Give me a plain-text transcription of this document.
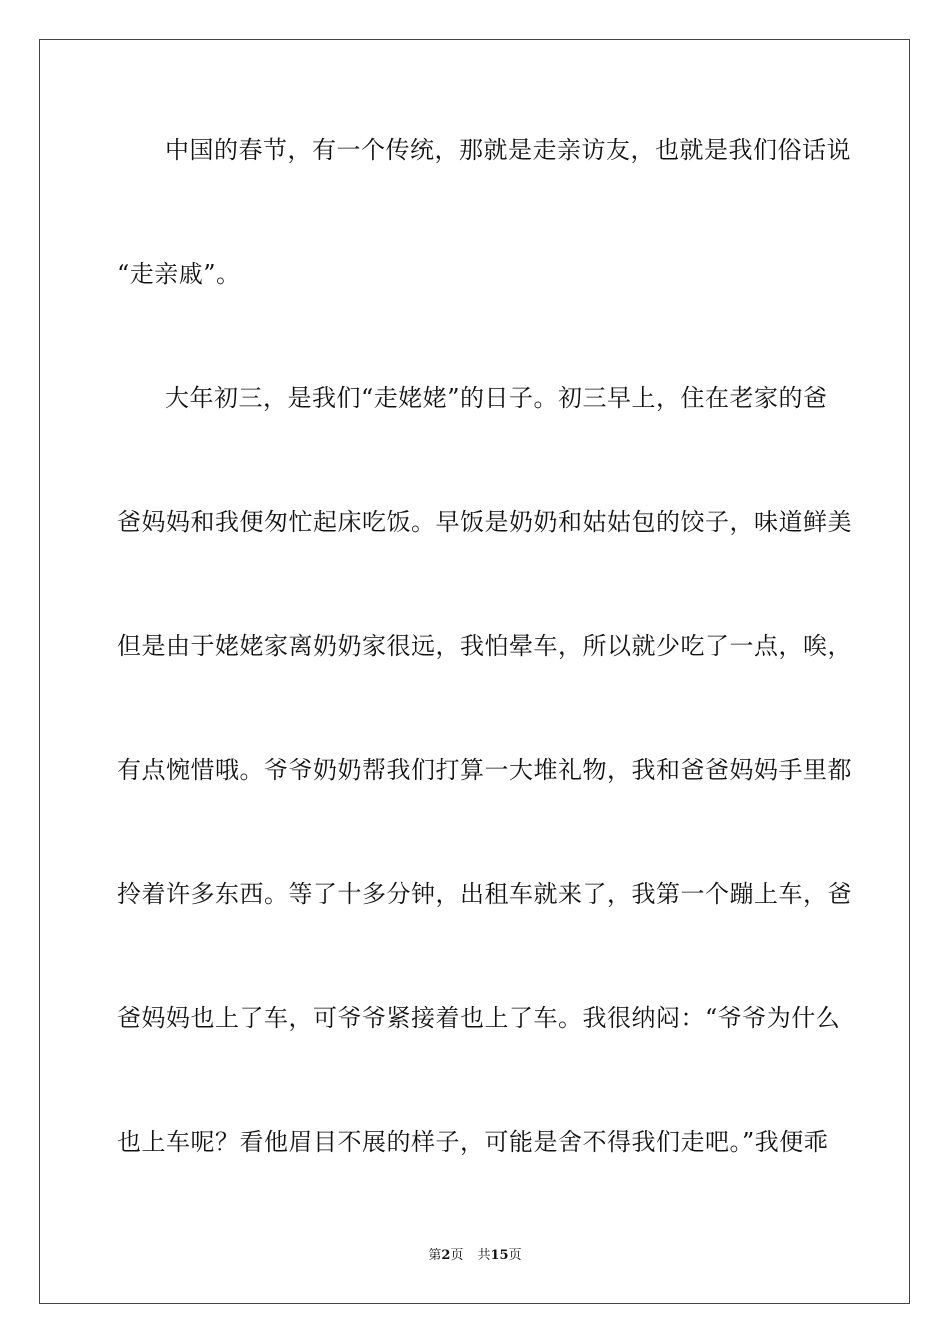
中国的春节，有一个传统，那就是走亲访友，也就是我们俗话说
“走亲戚”。
大年初三，是我们“走姥姥”的日子。初三早上，住在老家的爸
爸妈妈和我便匆忙起床吃饭。早饭是奶奶和姑姑包的饺子，味道鲜美
但是由于姥姥家离奶奶家很远，我怕晕车，所以就少吃了一点，唉，
有点惋惜哦。爷爷奶奶帮我们打算一大堆礼物，我和爸爸妈妈手里都
拎着许多东西。等了十多分钟，出租车就来了，我第一个蹦上车，爸
爸妈妈也上了车，可爷爷紧接着也上了车。我很纳闷：“爷爷为什么
也上车呢？看他眉目不展的样子，可能是舍不得我们走吧。”我便乖
第2页 共15页
